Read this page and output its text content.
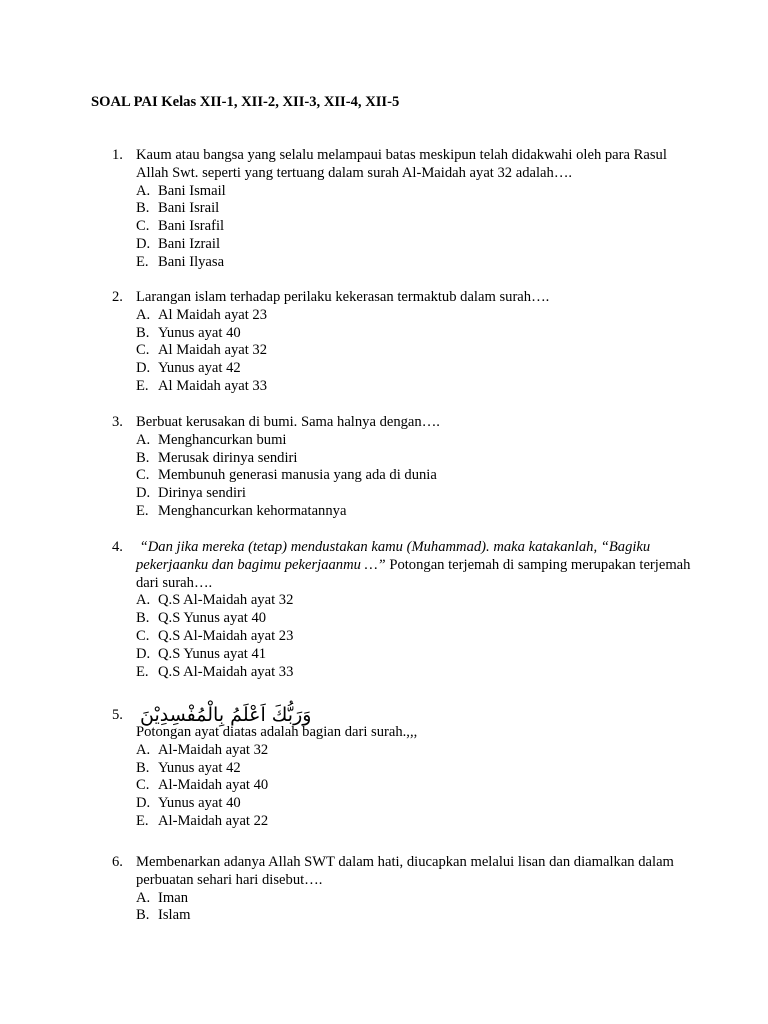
SOAL PAI Kelas XII-1, XII-2, XII-3, XII-4, XII-5
1. Kaum atau bangsa yang selalu melampaui batas meskipun telah didakwahi oleh para Rasul Allah Swt. seperti yang tertuang dalam surah Al-Maidah ayat 32 adalah….
A. Bani Ismail
B. Bani Israil
C. Bani Israfil
D. Bani Izrail
E. Bani Ilyasa
2. Larangan islam terhadap perilaku kekerasan termaktub dalam surah….
A. Al Maidah ayat 23
B. Yunus ayat 40
C. Al Maidah ayat 32
D. Yunus ayat 42
E. Al Maidah ayat 33
3. Berbuat kerusakan di bumi. Sama halnya dengan….
A. Menghancurkan bumi
B. Merusak dirinya sendiri
C. Membunuh generasi manusia yang ada di dunia
D. Dirinya sendiri
E. Menghancurkan kehormatannya
4.	“Dan jika mereka (tetap) mendustakan kamu (Muhammad). maka katakanlah, “Bagiku pekerjaanku dan bagimu pekerjaanmu …” Potongan terjemah di samping merupakan terjemah dari surah….
A. Q.S Al-Maidah ayat 32
B. Q.S Yunus ayat 40
C. Q.S Al-Maidah ayat 23
D. Q.S Yunus ayat 41
E. Q.S Al-Maidah ayat 33
5. وَرَبُّكَ اَعْلَمُ بِالْمُفْسِدِيْنَ
Potongan ayat diatas adalah bagian dari surah.,,,
A. Al-Maidah ayat 32
B. Yunus ayat 42
C. Al-Maidah ayat 40
D. Yunus ayat 40
E. Al-Maidah ayat 22
6. Membenarkan adanya Allah SWT dalam hati, diucapkan melalui lisan dan diamalkan dalam perbuatan sehari hari disebut….
A. Iman
B. Islam
